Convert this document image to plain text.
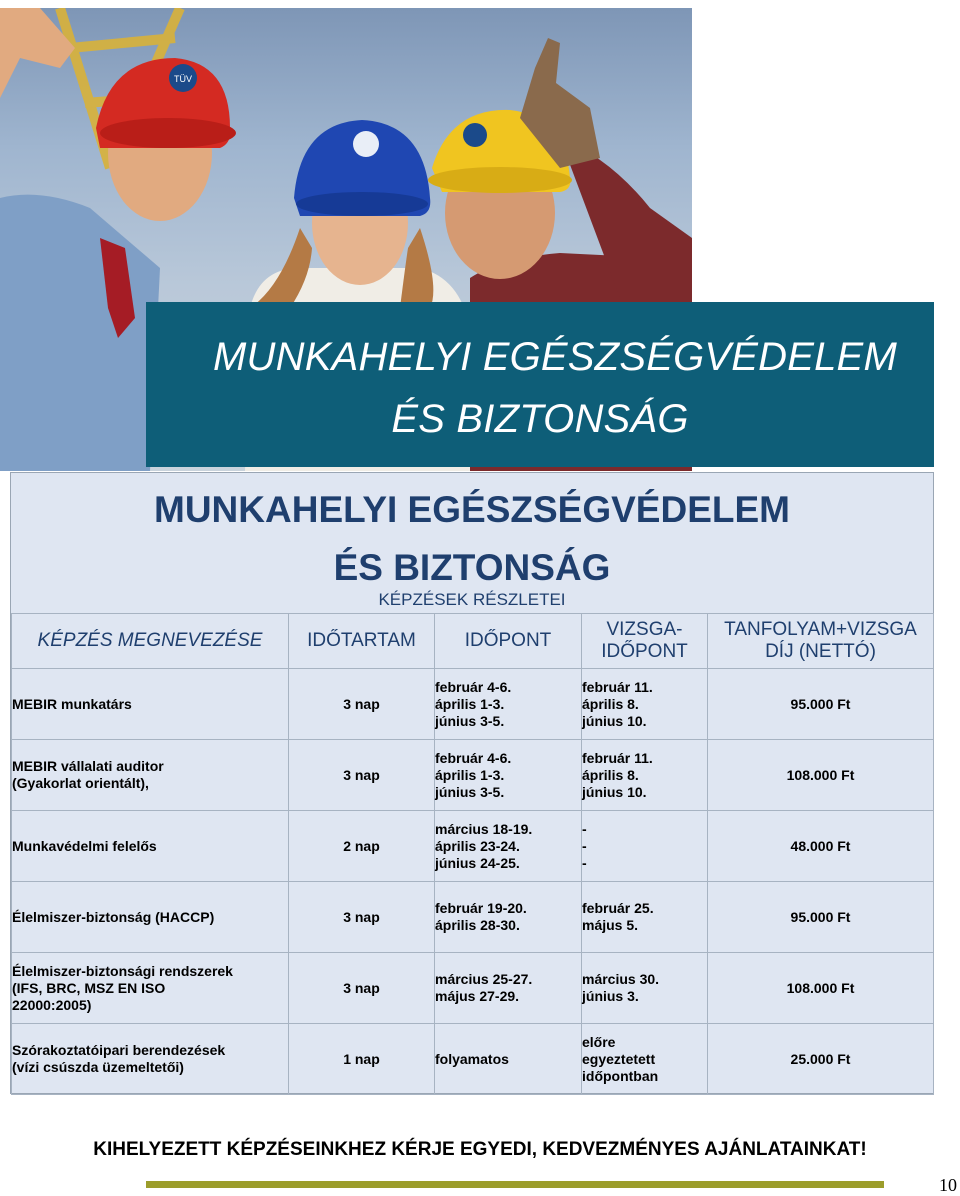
TÜV
MUNKAHELYI EGÉSZSÉGVÉDELEM
ÉS BIZTONSÁG
MUNKAHELYI EGÉSZSÉGVÉDELEM
ÉS BIZTONSÁG
KÉPZÉSEK RÉSZLETEI
KÉPZÉS MEGNEVEZÉSE	IDŐTARTAM	IDŐPONT	VIZSGA-
IDŐPONT	TANFOLYAM+VIZSGA
DÍJ (NETTÓ)

MEBIR munkatárs	3 nap	február 4-6.
április 1-3.
június 3-5.	február 11.
április 8.
június 10.	95.000 Ft

MEBIR vállalati auditor
(Gyakorlat orientált),	3 nap	február 4-6.
április 1-3.
június 3-5.	február 11.
április 8.
június 10.	108.000 Ft

Munkavédelmi felelős	2 nap	március 18-19.
április 23-24.
június 24-25.	-
-
-	48.000 Ft

Élelmiszer-biztonság (HACCP)	3 nap	február 19-20.
április 28-30.	február 25.
május 5.	95.000 Ft

Élelmiszer-biztonsági rendszerek
(IFS, BRC, MSZ EN ISO
22000:2005)	3 nap	március 25-27.
május 27-29.	március 30.
június 3.	108.000 Ft

Szórakoztatóipari berendezések
(vízi csúszda üzemeltetői)	1 nap	folyamatos	előre
egyeztetett
időpontban	25.000 Ft
KIHELYEZETT KÉPZÉSEINKHEZ KÉRJE EGYEDI, KEDVEZMÉNYES AJÁNLATAINKAT!
10
